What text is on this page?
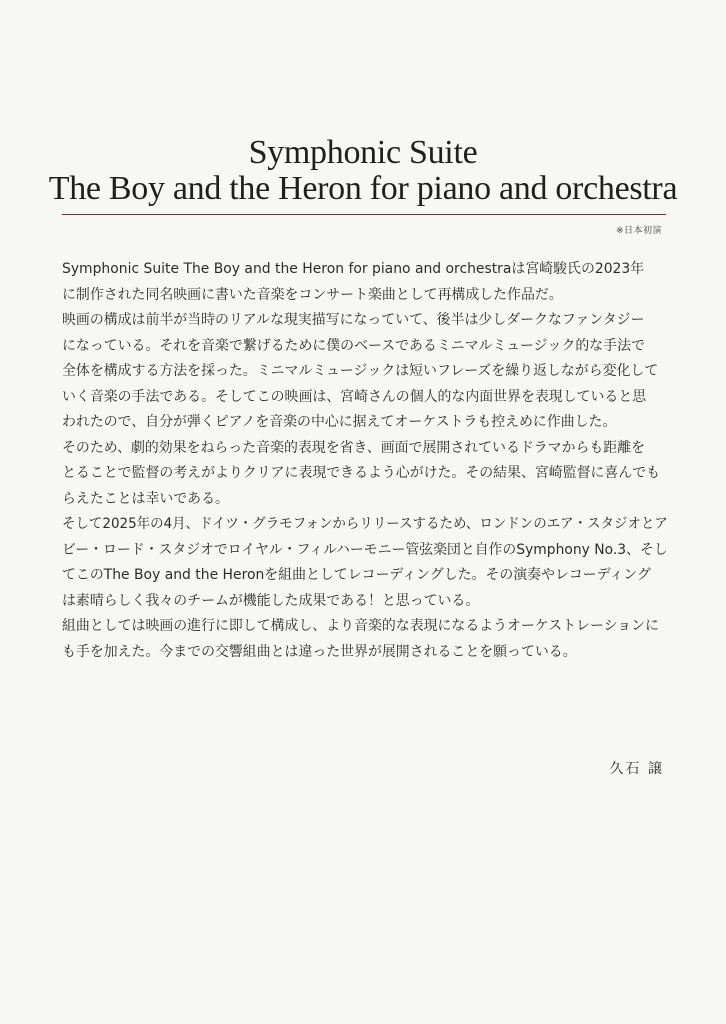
Symphonic Suite
The Boy and the Heron for piano and orchestra
※日本初演

Symphonic Suite The Boy and the Heron for piano and orchestraは宮崎駿氏の2023年

に制作された同名映画に書いた音楽をコンサート楽曲として再構成した作品だ。

映画の構成は前半が当時のリアルな現実描写になっていて、後半は少しダークなファンタジー

になっている。それを音楽で繋げるために僕のベースであるミニマルミュージック的な手法で

全体を構成する方法を採った。ミニマルミュージックは短いフレーズを繰り返しながら変化して

いく音楽の手法である。そしてこの映画は、宮崎さんの個人的な内面世界を表現していると思

われたので、自分が弾くピアノを音楽の中心に据えてオーケストラも控えめに作曲した。

そのため、劇的効果をねらった音楽的表現を省き、画面で展開されているドラマからも距離を

とることで監督の考えがよりクリアに表現できるよう心がけた。その結果、宮崎監督に喜んでも

らえたことは幸いである。

そして2025年の4月、ドイツ・グラモフォンからリリースするため、ロンドンのエア・スタジオとア

ビー・ロード・スタジオでロイヤル・フィルハーモニー管弦楽団と自作のSymphony No.3、そし

てこのThe Boy and the Heronを組曲としてレコーディングした。その演奏やレコーディング

は素晴らしく我々のチームが機能した成果である！と思っている。

組曲としては映画の進行に即して構成し、より音楽的な表現になるようオーケストレーションに

も手を加えた。今までの交響組曲とは違った世界が展開されることを願っている。

久石 譲
